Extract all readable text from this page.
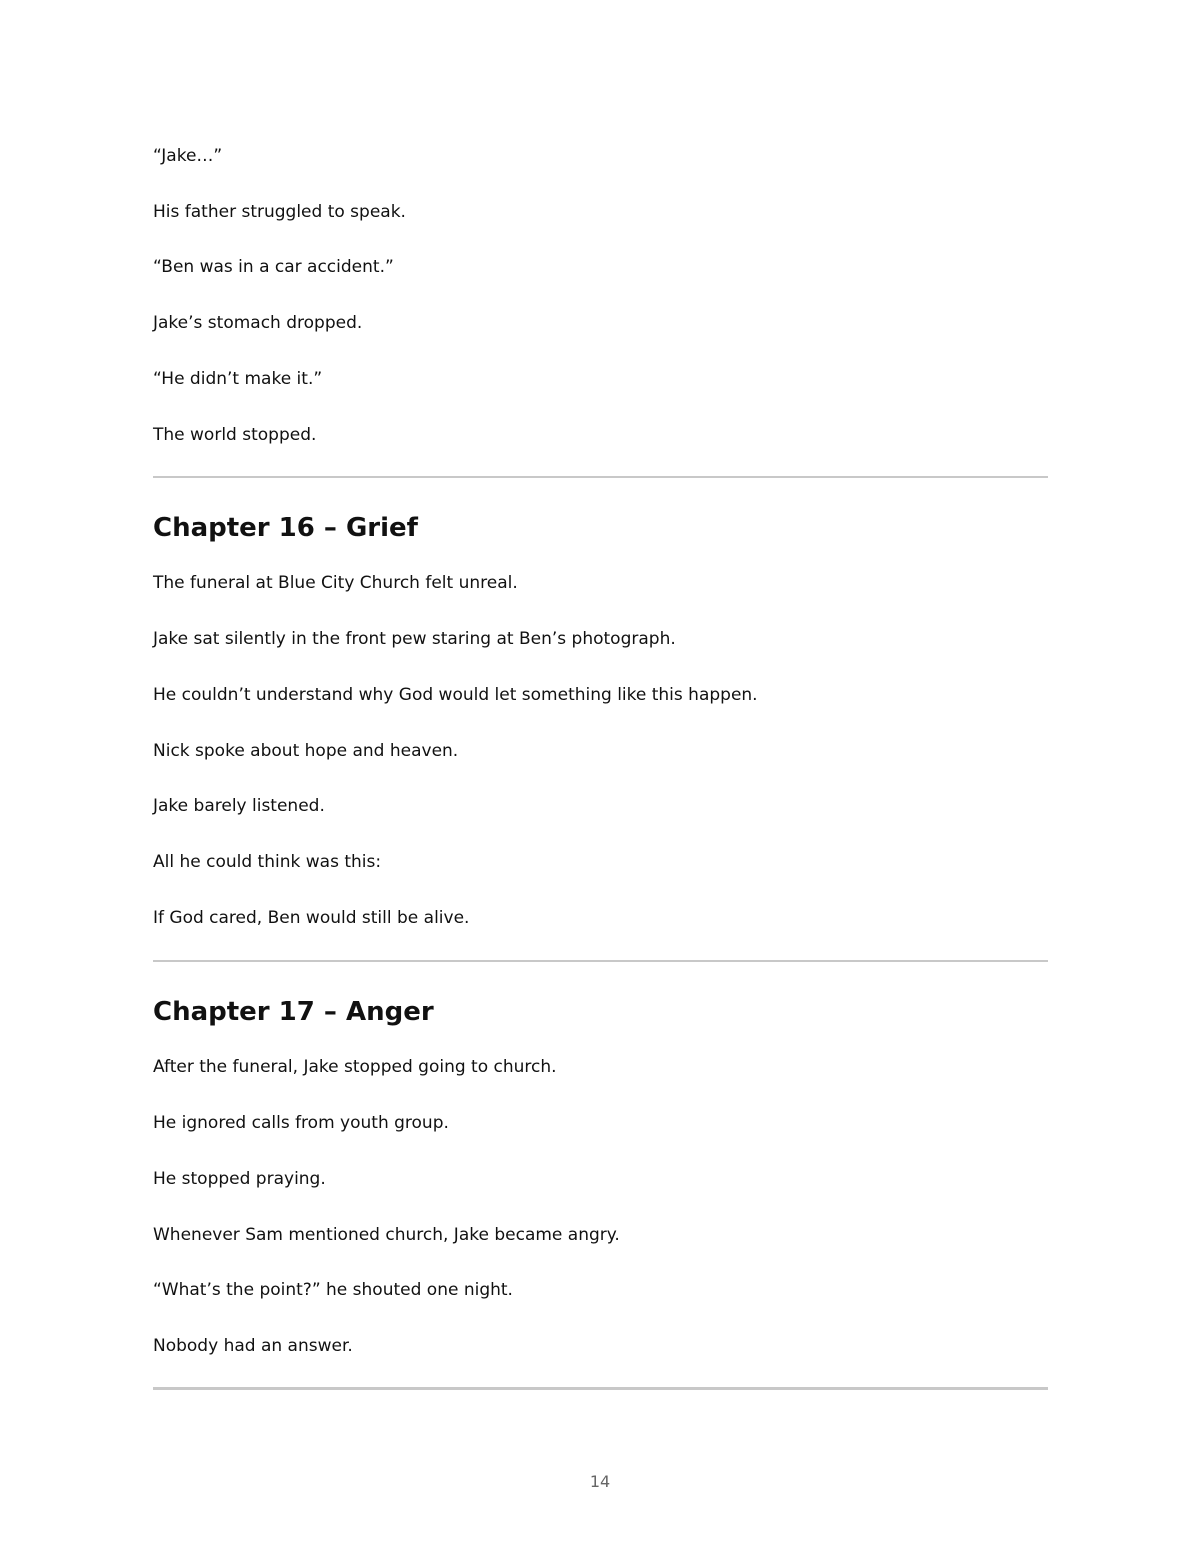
“Jake…”

His father struggled to speak.

“Ben was in a car accident.”

Jake’s stomach dropped.

“He didn’t make it.”

The world stopped.

Chapter 16 – Grief

The funeral at Blue City Church felt unreal.

Jake sat silently in the front pew staring at Ben’s photograph.

He couldn’t understand why God would let something like this happen.

Nick spoke about hope and heaven.

Jake barely listened.

All he could think was this:

If God cared, Ben would still be alive.

Chapter 17 – Anger

After the funeral, Jake stopped going to church.

He ignored calls from youth group.

He stopped praying.

Whenever Sam mentioned church, Jake became angry.

“What’s the point?” he shouted one night.

Nobody had an answer.

14
